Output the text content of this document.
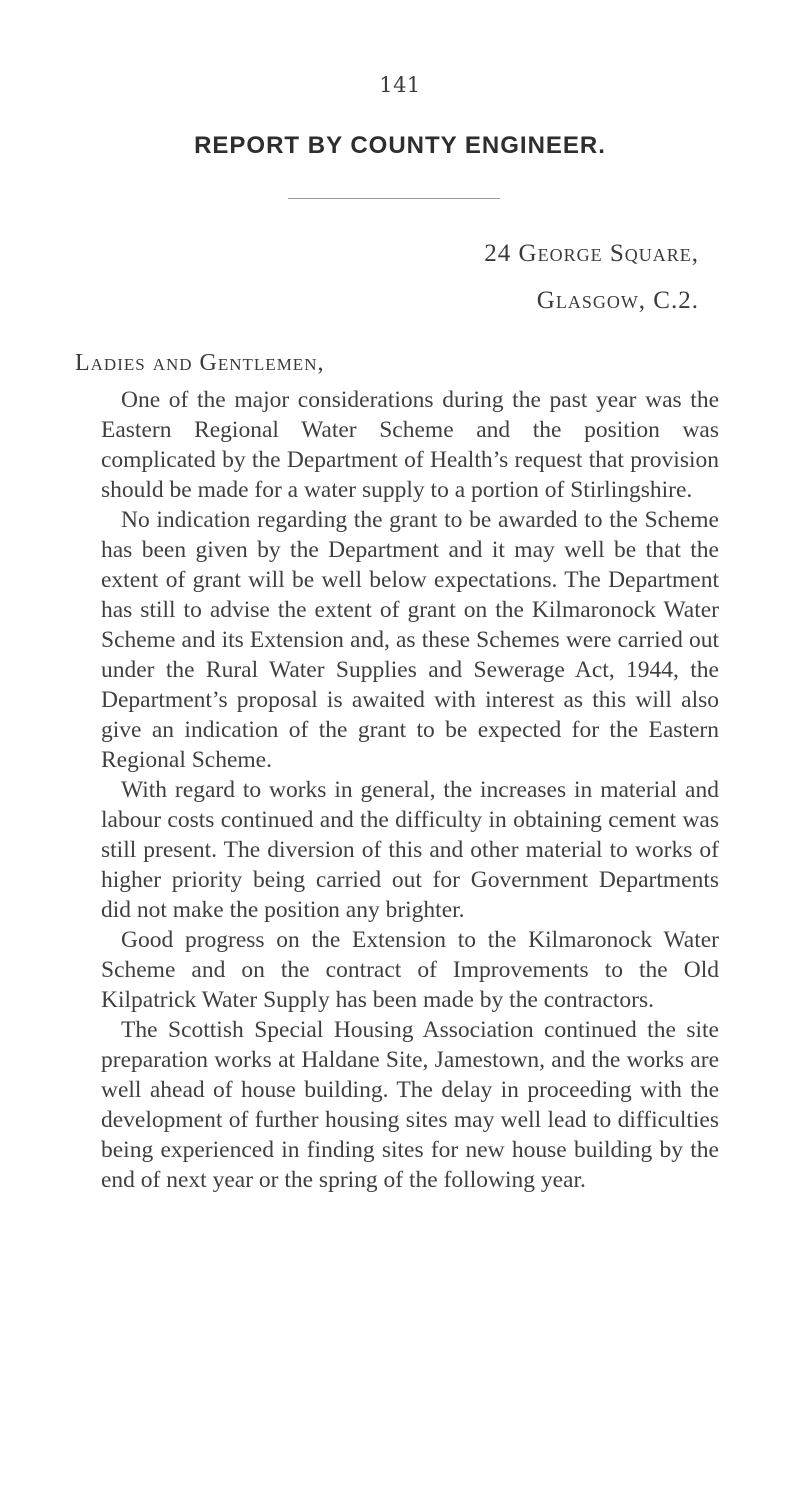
141
REPORT BY COUNTY ENGINEER.
24 George Square,
Glasgow, C.2.
Ladies and Gentlemen,

One of the major considerations during the past year was the Eastern Regional Water Scheme and the position was complicated by the Department of Health’s request that provision should be made for a water supply to a portion of Stirlingshire.

No indication regarding the grant to be awarded to the Scheme has been given by the Department and it may well be that the extent of grant will be well below expectations. The Department has still to advise the extent of grant on the Kilmaronock Water Scheme and its Extension and, as these Schemes were carried out under the Rural Water Supplies and Sewerage Act, 1944, the Department’s proposal is awaited with interest as this will also give an indication of the grant to be expected for the Eastern Regional Scheme.

With regard to works in general, the increases in material and labour costs continued and the difficulty in obtaining cement was still present. The diversion of this and other material to works of higher priority being carried out for Government Departments did not make the position any brighter.

Good progress on the Extension to the Kilmaronock Water Scheme and on the contract of Improvements to the Old Kilpatrick Water Supply has been made by the contractors.

The Scottish Special Housing Association continued the site preparation works at Haldane Site, Jamestown, and the works are well ahead of house building. The delay in proceeding with the development of further housing sites may well lead to difficulties being experienced in finding sites for new house building by the end of next year or the spring of the following year.
